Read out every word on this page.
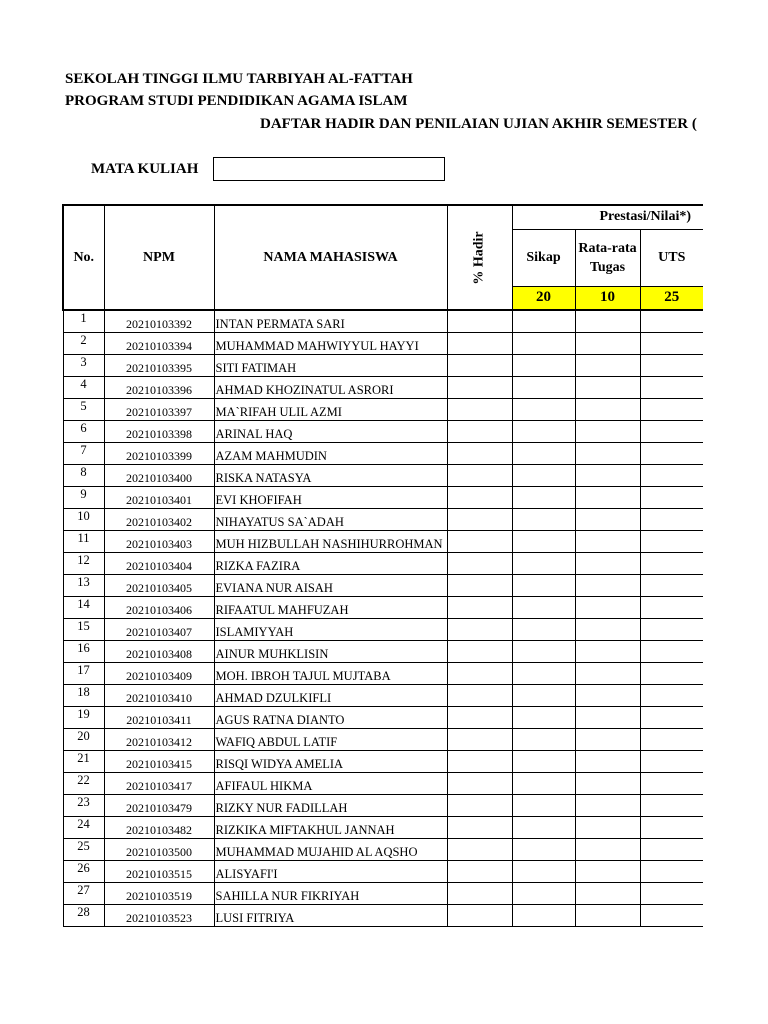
SEKOLAH TINGGI ILMU TARBIYAH AL-FATTAH
PROGRAM STUDI PENDIDIKAN AGAMA ISLAM
DAFTAR HADIR DAN PENILAIAN UJIAN AKHIR SEMESTER (
MATA KULIAH
No.	NPM	NAMA MAHASISWA	% Hadir	Prestasi/Nilai*)		
				Sikap	Rata-rata Tugas	UTS
				20	10	25
1	20210103392	INTAN PERMATA SARI				
2	20210103394	MUHAMMAD MAHWIYYUL HAYYI				
3	20210103395	SITI FATIMAH				
4	20210103396	AHMAD KHOZINATUL ASRORI				
5	20210103397	MA`RIFAH ULIL AZMI				
6	20210103398	ARINAL HAQ				
7	20210103399	AZAM MAHMUDIN				
8	20210103400	RISKA NATASYA				
9	20210103401	EVI KHOFIFAH				
10	20210103402	NIHAYATUS SA`ADAH				
11	20210103403	MUH HIZBULLAH NASHIHURROHMAN				
12	20210103404	RIZKA FAZIRA				
13	20210103405	EVIANA NUR AISAH				
14	20210103406	RIFAATUL MAHFUZAH				
15	20210103407	ISLAMIYYAH				
16	20210103408	AINUR MUHKLISIN				
17	20210103409	MOH. IBROH TAJUL MUJTABA				
18	20210103410	AHMAD DZULKIFLI				
19	20210103411	AGUS RATNA DIANTO				
20	20210103412	WAFIQ ABDUL LATIF				
21	20210103415	RISQI WIDYA AMELIA				
22	20210103417	AFIFAUL HIKMA				
23	20210103479	RIZKY NUR FADILLAH				
24	20210103482	RIZKIKA MIFTAKHUL JANNAH				
25	20210103500	MUHAMMAD MUJAHID AL AQSHO				
26	20210103515	ALISYAFI'I				
27	20210103519	SAHILLA NUR FIKRIYAH				
28	20210103523	LUSI FITRIYA				
